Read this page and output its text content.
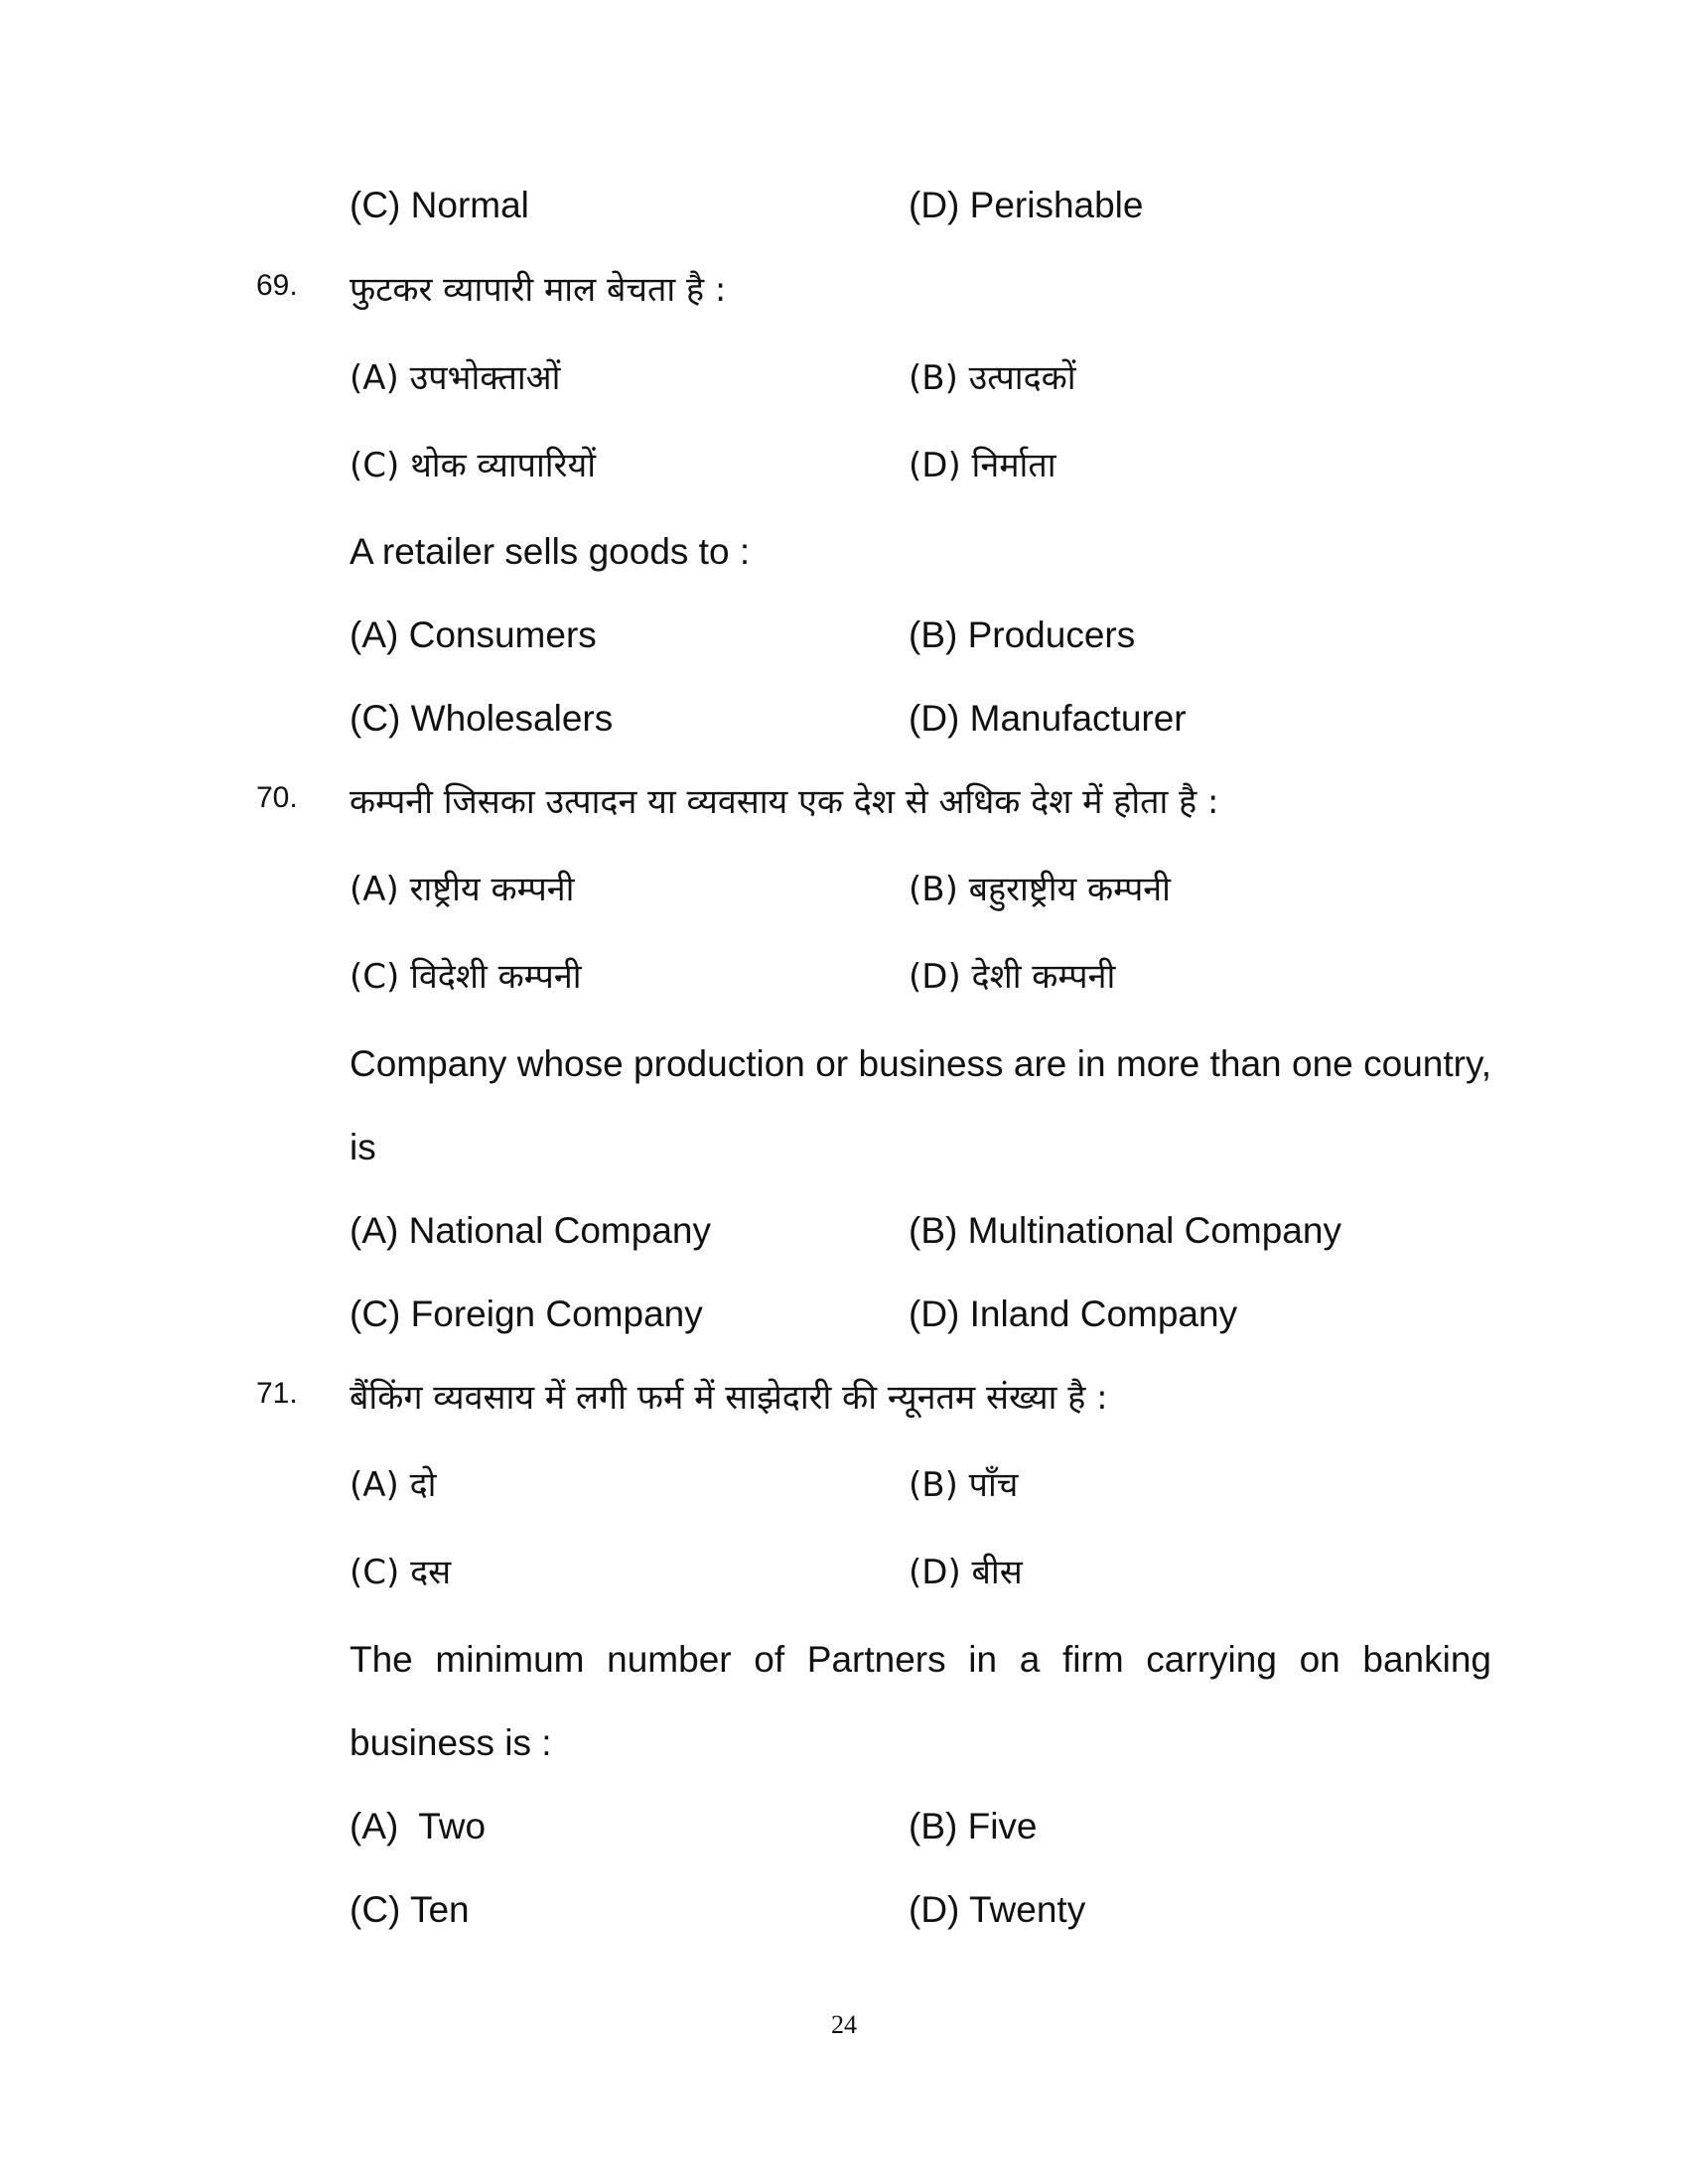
(C) Normal	(D) Perishable
69. फुटकर व्यापारी माल बेचता है :
(A) उपभोक्ताओं	(B) उत्पादकों
(C) थोक व्यापारियों	(D) निर्माता
A retailer sells goods to :
(A) Consumers	(B) Producers
(C) Wholesalers	(D) Manufacturer
70. कम्पनी जिसका उत्पादन या व्यवसाय एक देश से अधिक देश में होता है :
(A) राष्ट्रीय कम्पनी	(B) बहुराष्ट्रीय कम्पनी
(C) विदेशी कम्पनी	(D) देशी कम्पनी
Company whose production or business are in more than one country,
is
(A) National Company	(B) Multinational Company
(C) Foreign Company	(D) Inland Company
71. बैंकिंग व्यवसाय में लगी फर्म में साझेदारी की न्यूनतम संख्या है :
(A) दो	(B) पाँच
(C) दस	(D) बीस
The minimum number of Partners in a firm carrying on banking
business is :
(A)  Two	(B) Five
(C) Ten	(D) Twenty
24
